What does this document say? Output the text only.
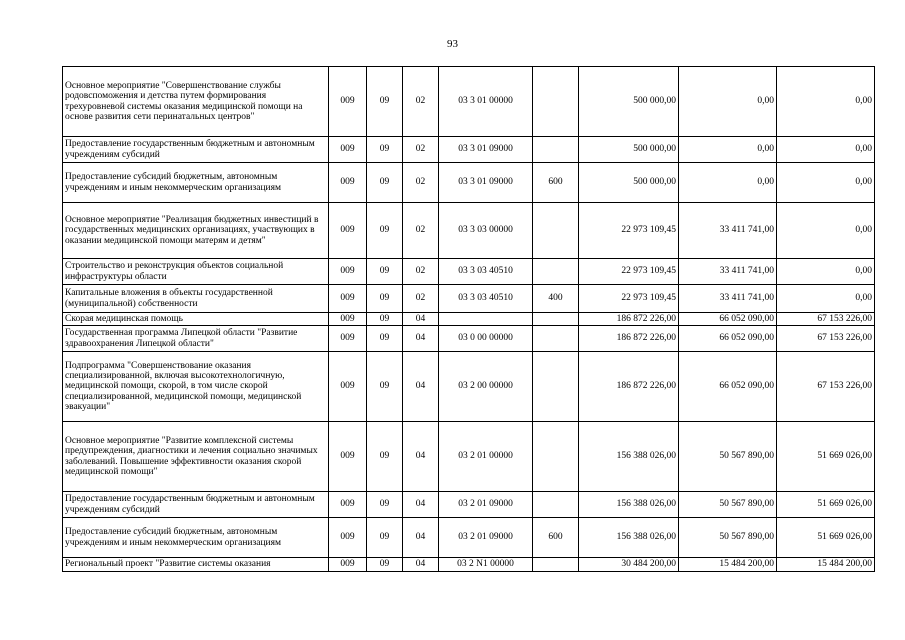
93
Основное мероприятие "Совершенствование службы родовспоможения и детства путем формирования трехуровневой системы оказания медицинской помощи на основе развития сети перинатальных центров"	009	09	02	03 3 01 00000		500 000,00	0,00	0,00
Предоставление государственным бюджетным и автономным учреждениям субсидий	009	09	02	03 3 01 09000		500 000,00	0,00	0,00
Предоставление субсидий бюджетным, автономным учреждениям и иным некоммерческим организациям	009	09	02	03 3 01 09000	600	500 000,00	0,00	0,00
Основное мероприятие "Реализация бюджетных инвестиций в государственных медицинских организациях, участвующих в оказании медицинской помощи матерям и детям"	009	09	02	03 3 03 00000		22 973 109,45	33 411 741,00	0,00
Строительство и реконструкция объектов социальной инфраструктуры области	009	09	02	03 3 03 40510		22 973 109,45	33 411 741,00	0,00
Капитальные вложения в объекты государственной (муниципальной) собственности	009	09	02	03 3 03 40510	400	22 973 109,45	33 411 741,00	0,00
Скорая медицинская помощь	009	09	04			186 872 226,00	66 052 090,00	67 153 226,00
Государственная программа Липецкой области "Развитие здравоохранения Липецкой области"	009	09	04	03 0 00 00000		186 872 226,00	66 052 090,00	67 153 226,00
Подпрограмма "Совершенствование оказания специализированной, включая высокотехнологичную, медицинской помощи, скорой, в том числе скорой специализированной, медицинской помощи, медицинской эвакуации"	009	09	04	03 2 00 00000		186 872 226,00	66 052 090,00	67 153 226,00
Основное мероприятие "Развитие комплексной системы предупреждения, диагностики и лечения социально значимых заболеваний. Повышение эффективности оказания скорой медицинской помощи"	009	09	04	03 2 01 00000		156 388 026,00	50 567 890,00	51 669 026,00
Предоставление государственным бюджетным и автономным учреждениям субсидий	009	09	04	03 2 01 09000		156 388 026,00	50 567 890,00	51 669 026,00
Предоставление субсидий бюджетным, автономным учреждениям и иным некоммерческим организациям	009	09	04	03 2 01 09000	600	156 388 026,00	50 567 890,00	51 669 026,00
Региональный проект "Развитие системы оказания	009	09	04	03 2 N1 00000		30 484 200,00	15 484 200,00	15 484 200,00
